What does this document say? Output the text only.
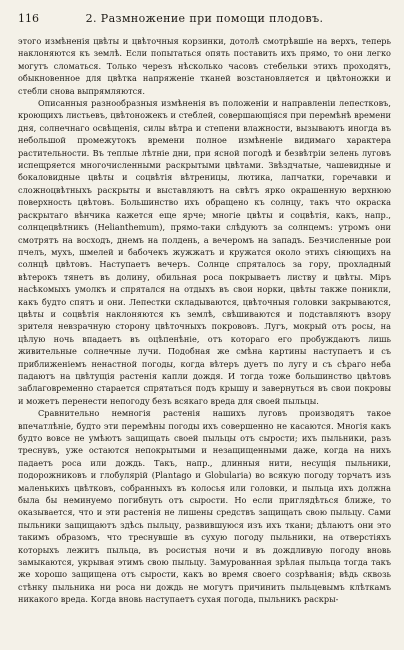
116	2. Размножение при помощи плодовъ.

этого измѣненія цвѣты и цвѣточныя корзинки, дотолѣ смотрѣвшіе на верхъ, теперь наклоняются къ землѣ. Если попытаться опять поставить ихъ прямо, то они легко могутъ сломаться. Только черезъ нѣсколько часовъ стебельки этихъ проходятъ, обыкновенное для цвѣтка напряженіе тканей возстановляется и цвѣтоножки и стебли снова выпрямляются.

Описанныя разнообразныя измѣненія въ положеніи и направленіи лепестковъ, кроющихъ листьевъ, цвѣтоножекъ и стеблей, совершающіяся при перемѣнѣ времени дня, солнечнаго освѣщенія, силы вѣтра и степени влажности, вызываютъ иногда въ небольшой промежутокъ времени полное измѣненіе видимаго характера растительности. Въ теплые лѣтніе дни, при ясной погодѣ и безвѣтріи зелень луговъ испещряется многочисленными раскрытыми цвѣтами. Звѣздчатые, чашевидные и бокаловидные цвѣты и соцвѣтія вѣтреницы, лютика, лапчатки, горечавки и сложноцвѣтныхъ раскрыты и выставляютъ на свѣтъ ярко окрашенную верхнюю поверхность цвѣтовъ. Большинство ихъ обращено къ солнцу, такъ что окраска раскрытаго вѣнчика кажется еще ярче; многіе цвѣты и соцвѣтія, какъ, напр., солнцецвѣтникъ (Helianthemum), прямо-таки слѣдуютъ за солнцемъ: утромъ они смотрятъ на восходъ, днемъ на полдень, а вечеромъ на западъ. Безчисленные рои пчелъ, мухъ, шмелей и бабочекъ жужжатъ и кружатся около этихъ сіяющихъ на солнцѣ цвѣтовъ. Наступаетъ вечеръ. Солнце спряталось за гору, прохладный вѣтерокъ тянетъ въ долину, обильная роса покрываетъ листву и цвѣты. Міръ насѣкомыхъ умолкъ и спрятался на отдыхъ въ свои норки, цвѣты также поникли, какъ будто спятъ и они. Лепестки складываются, цвѣточныя головки закрываются, цвѣты и соцвѣтія наклоняются къ землѣ, свѣшиваются и подставляютъ взору зрителя невзрачную сторону цвѣточныхъ покрововъ. Лугъ, мокрый отъ росы, на цѣлую ночь впадаетъ въ оцѣпенѣніе, отъ котораго его пробуждаютъ лишь живительные солнечные лучи. Подобная же смѣна картины наступаетъ и съ приближеніемъ ненастной погоды, когда вѣтеръ дуетъ по лугу и съ сѣраго неба падаютъ на цвѣтущія растенія капли дождя. И тогда тоже большинство цвѣтовъ заблаговременно старается спрятаться подъ крышу и завернуться въ свои покровы и можетъ перенести непогоду безъ всякаго вреда для своей пыльцы.

Сравнительно немногія растенія нашихъ луговъ производятъ такое впечатлѣніе, будто эти перемѣны погоды ихъ совершенно не касаются. Многія какъ будто вовсе не умѣютъ защищать своей пыльцы отъ сырости; ихъ пыльники, разъ треснувъ, уже остаются непокрытыми и незащищенными даже, когда на нихъ падаетъ роса или дождь. Такъ, напр., длинныя нити, несущія пыльники, подорожниковъ и глобулярій (Plantago и Globularia) во всякую погоду торчатъ изъ маленькихъ цвѣтковъ, собранныхъ въ колосья или головки, и пыльца ихъ должна была бы неминуемо погибнуть отъ сырости. Но если приглядѣться ближе, то оказывается, что и эти растенія не лишены средствъ защищать свою пыльцу. Сами пыльники защищаютъ здѣсь пыльцу, развившуюся изъ ихъ ткани; дѣлаютъ они это такимъ образомъ, что треснувшіе въ сухую погоду пыльники, на отверстіяхъ которыхъ лежитъ пыльца, въ росистыя ночи и въ дождливую погоду вновь замыкаются, укрывая этимъ свою пыльцу. Замурованная зрѣлая пыльца тогда такъ же хорошо защищена отъ сырости, какъ во время своего созрѣванія; вѣдь сквозь стѣнку пыльника ни роса ни дождь не могутъ причинить пыльцевымъ клѣткамъ никакого вреда. Когда вновь наступаетъ сухая погода, пыльникъ раскры-
